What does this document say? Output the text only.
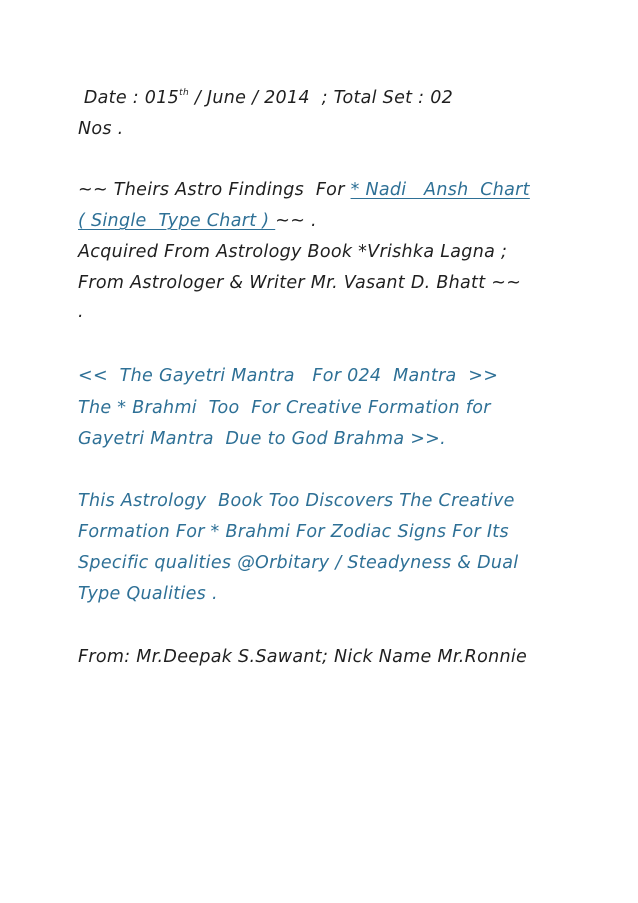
Date : 015th / June / 2014  ; Total Set : 02
Nos .
~~ Theirs Astro Findings  For * Nadi   Ansh  Chart
( Single  Type Chart ) ~~ .
Acquired From Astrology Book *Vrishka Lagna ;
From Astrologer & Writer Mr. Vasant D. Bhatt ~~
.
<<  The Gayetri Mantra   For 024  Mantra  >>
The * Brahmi  Too  For Creative Formation for
Gayetri Mantra  Due to God Brahma >>.
This Astrology  Book Too Discovers The Creative
Formation For * Brahmi For Zodiac Signs For Its
Specific qualities @Orbitary / Steadyness & Dual
Type Qualities .
From: Mr.Deepak S.Sawant; Nick Name Mr.Ronnie
